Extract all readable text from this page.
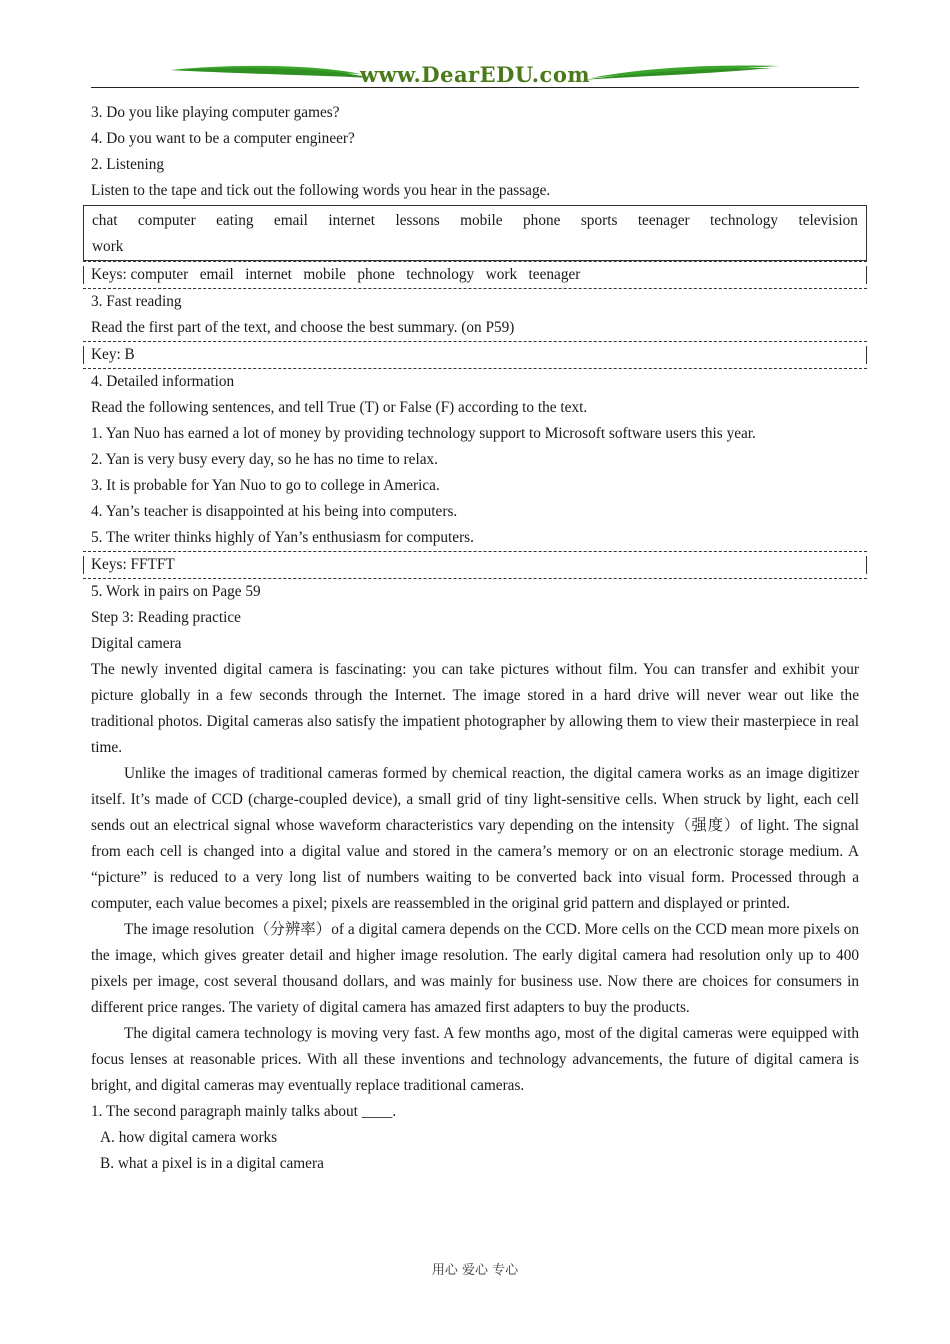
www.DearEDU.com
3. Do you like playing computer games?
4. Do you want to be a computer engineer?
2. Listening
Listen to the tape and tick out the following words you hear in the passage.
chat computer eating email internet lessons mobile phone sports teenager technology television
work
Keys: computer   email   internet   mobile   phone   technology   work   teenager
3. Fast reading
Read the first part of the text, and choose the best summary. (on P59)
Key: B
4. Detailed information
Read the following sentences, and tell True (T) or False (F) according to the text.
1. Yan Nuo has earned a lot of money by providing technology support to Microsoft software users this year.
2. Yan is very busy every day, so he has no time to relax.
3. It is probable for Yan Nuo to go to college in America.
4. Yan’s teacher is disappointed at his being into computers.
5. The writer thinks highly of Yan’s enthusiasm for computers.
Keys: FFTFT
5. Work in pairs on Page 59
Step 3: Reading practice
Digital camera
The newly invented digital camera is fascinating: you can take pictures without film. You can transfer and exhibit your picture globally in a few seconds through the Internet. The image stored in a hard drive will never wear out like the traditional photos. Digital cameras also satisfy the impatient photographer by allowing them to view their masterpiece in real time.
Unlike the images of traditional cameras formed by chemical reaction, the digital camera works as an image digitizer itself. It’s made of CCD (charge-coupled device), a small grid of tiny light-sensitive cells. When struck by light, each cell sends out an electrical signal whose waveform characteristics vary depending on the intensity（强度）of light. The signal from each cell is changed into a digital value and stored in the camera’s memory or on an electronic storage medium. A “picture” is reduced to a very long list of numbers waiting to be converted back into visual form. Processed through a computer, each value becomes a pixel; pixels are reassembled in the original grid pattern and displayed or printed.
The image resolution（分辨率）of a digital camera depends on the CCD. More cells on the CCD mean more pixels on the image, which gives greater detail and higher image resolution. The early digital camera had resolution only up to 400 pixels per image, cost several thousand dollars, and was mainly for business use. Now there are choices for consumers in different price ranges. The variety of digital camera has amazed first adapters to buy the products.
The digital camera technology is moving very fast. A few months ago, most of the digital cameras were equipped with focus lenses at reasonable prices. With all these inventions and technology advancements, the future of digital camera is bright, and digital cameras may eventually replace traditional cameras.
1. The second paragraph mainly talks about ____.
A. how digital camera works
B. what a pixel is in a digital camera
用心 爱心 专心
